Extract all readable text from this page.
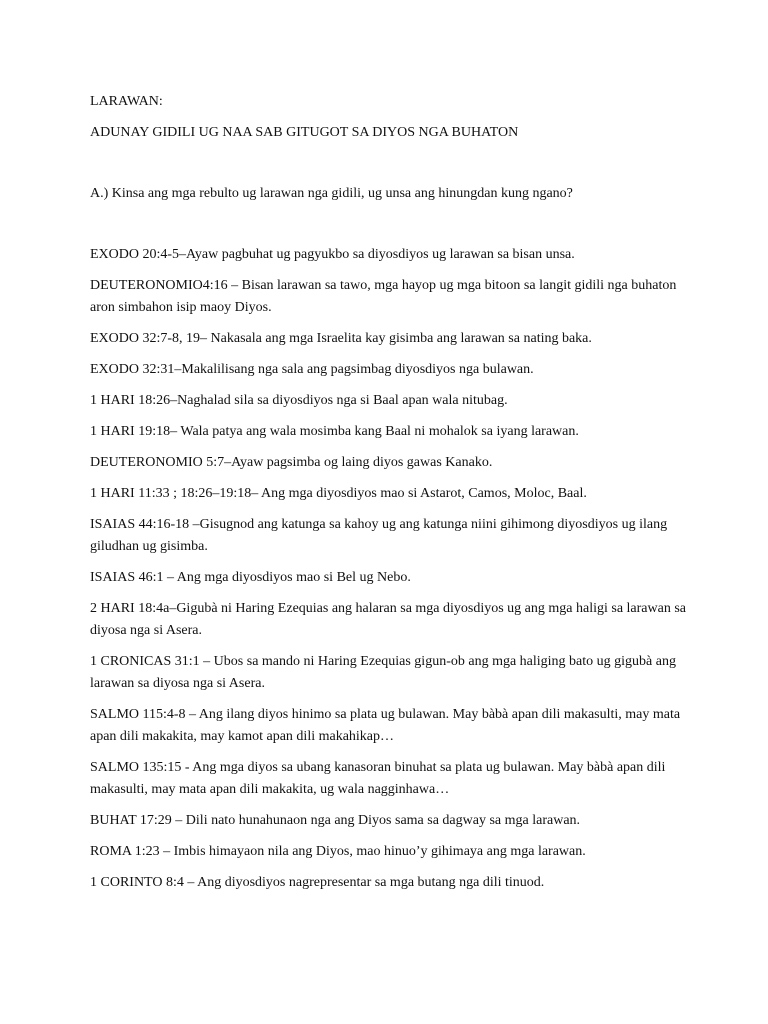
LARAWAN:
ADUNAY GIDILI UG NAA SAB GITUGOT SA DIYOS NGA BUHATON
A.) Kinsa ang mga rebulto ug larawan nga gidili, ug unsa ang hinungdan kung ngano?
EXODO 20:4-5–Ayaw pagbuhat ug pagyukbo sa diyosdiyos ug larawan sa bisan unsa.
DEUTERONOMIO4:16 – Bisan larawan sa tawo, mga hayop ug mga bitoon sa langit gidili nga buhaton aron simbahon isip maoy Diyos.
EXODO 32:7-8, 19– Nakasala ang mga Israelita kay gisimba ang larawan sa nating baka.
EXODO 32:31–Makalilisang nga sala ang pagsimbag diyosdiyos nga bulawan.
1 HARI 18:26–Naghalad sila sa diyosdiyos nga si Baal apan wala nitubag.
1 HARI 19:18– Wala patya ang wala mosimba kang Baal ni mohalok sa iyang larawan.
DEUTERONOMIO 5:7–Ayaw pagsimba og laing diyos gawas Kanako.
1 HARI 11:33 ; 18:26–19:18– Ang mga diyosdiyos mao si Astarot, Camos, Moloc, Baal.
ISAIAS 44:16-18 –Gisugnod ang katunga sa kahoy ug ang katunga niini gihimong diyosdiyos ug ilang giludhan ug gisimba.
ISAIAS 46:1 – Ang mga diyosdiyos mao si Bel ug Nebo.
2 HARI 18:4a–Gigubà ni Haring Ezequias ang halaran sa mga diyosdiyos ug ang mga haligi sa larawan sa diyosa nga si Asera.
1 CRONICAS 31:1 – Ubos sa mando ni Haring Ezequias gigun-ob ang mga haliging bato ug gigubà ang larawan sa diyosa nga si Asera.
SALMO 115:4-8 – Ang ilang diyos hinimo sa plata ug bulawan. May bàbà apan dili makasulti, may mata apan dili makakita, may kamot apan dili makahikap…
SALMO 135:15 - Ang mga diyos sa ubang kanasoran binuhat sa plata ug bulawan. May bàbà apan dili makasulti, may mata apan dili makakita, ug wala nagginhawa…
BUHAT 17:29 – Dili nato hunahunaon nga ang Diyos sama sa dagway sa mga larawan.
ROMA 1:23 – Imbis himayaon nila ang Diyos, mao hinuo’y gihimaya ang mga larawan.
1 CORINTO 8:4 – Ang diyosdiyos nagrepresentar sa mga butang nga dili tinuod.
